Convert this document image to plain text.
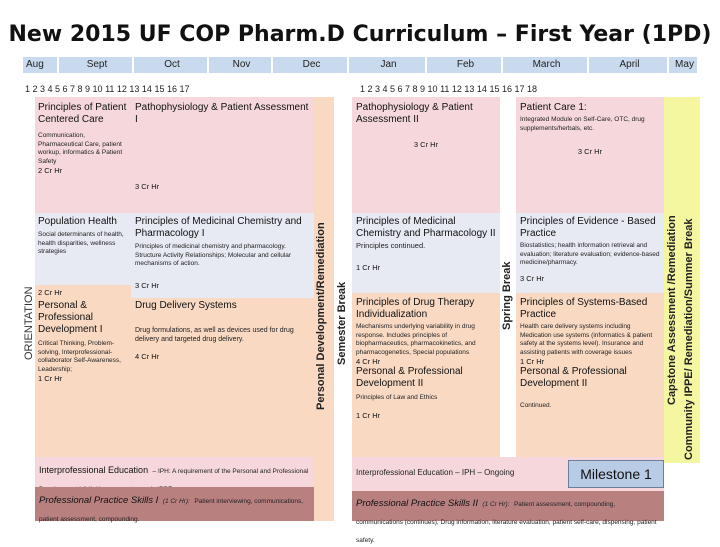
New 2015 UF COP Pharm.D Curriculum – First Year (1PD)
Aug	Sept	Oct	Nov	Dec	Jan	Feb	March	April	May
1 2 3 4 5 6 7 8 9 10 11 12 13 14 15 16 17	1 2 3 4 5 6 7 8 9 10 11 12 13 14 15 16 17 18
ORIENTATION
Principles of Patient Centered Care
Communication, Pharmaceutical Care, patient workup, informatics & Patient Safety
2 Cr Hr
Population Health
Social determinants of health, health disparities, wellness strategies
2 Cr Hr
Personal & Professional Development I
Critical Thinking, Problem-solving, Interprofessional-collaborator Self-Awareness, Leadership;
1 Cr Hr
Pathophysiology & Patient Assessment I
3 Cr Hr
Principles of Medicinal Chemistry and Pharmacology I
Principles of medicinal chemistry and pharmacology. Structure Activity Relationships; Molecular and cellular mechanisms of action.
3 Cr Hr
Drug Delivery Systems
Drug formulations, as well as devices used for drug delivery and targeted drug delivery.
4 Cr Hr
Interprofessional Education – IPH: A requirement of the Personal and Professional
Professional Practice Skills I (1 Cr Hr): Patient interviewing, communications, patient assessment, compounding.
Personal Development/Remediation Semester Break
Pathophysiology & Patient Assessment II
3 Cr Hr
Principles of Medicinal Chemistry and Pharmacology II
Principles continued.
1 Cr Hr
Principles of Drug Therapy Individualization
Mechanisms underlying variability in drug response. Includes principles of biopharmaceutics, pharmacokinetics, and pharmacogenetics, Special populations
4 Cr Hr
Personal & Professional Development II
Principles of Law and Ethics
1 Cr Hr
Spring Break
Patient Care 1:
Integrated Module on Self-Care, OTC, drug supplements/herbals, etc.
3 Cr Hr
Principles of Evidence - Based Practice
Biostatistics; health information retrieval and evaluation; literature evaluation; evidence-based medicine/pharmacy.
3 Cr Hr
Principles of Systems-Based Practice
Health care delivery systems including Medication use systems (informatics & patient safety at the systems level). Insurance and assisting patients with coverage issues
1 Cr Hr
Personal & Professional Development II
Continued.
Interprofessional Education – IPH – Ongoing	Milestone 1
Professional Practice Skills II (1 Cr Hr): Patient assessment, compounding, communications (continues), Drug information, literature evaluation, patient self-care, dispensing, patient safety.
Capstone Assessment /Remediation Community IPPE/ Remediation/Summer Break
